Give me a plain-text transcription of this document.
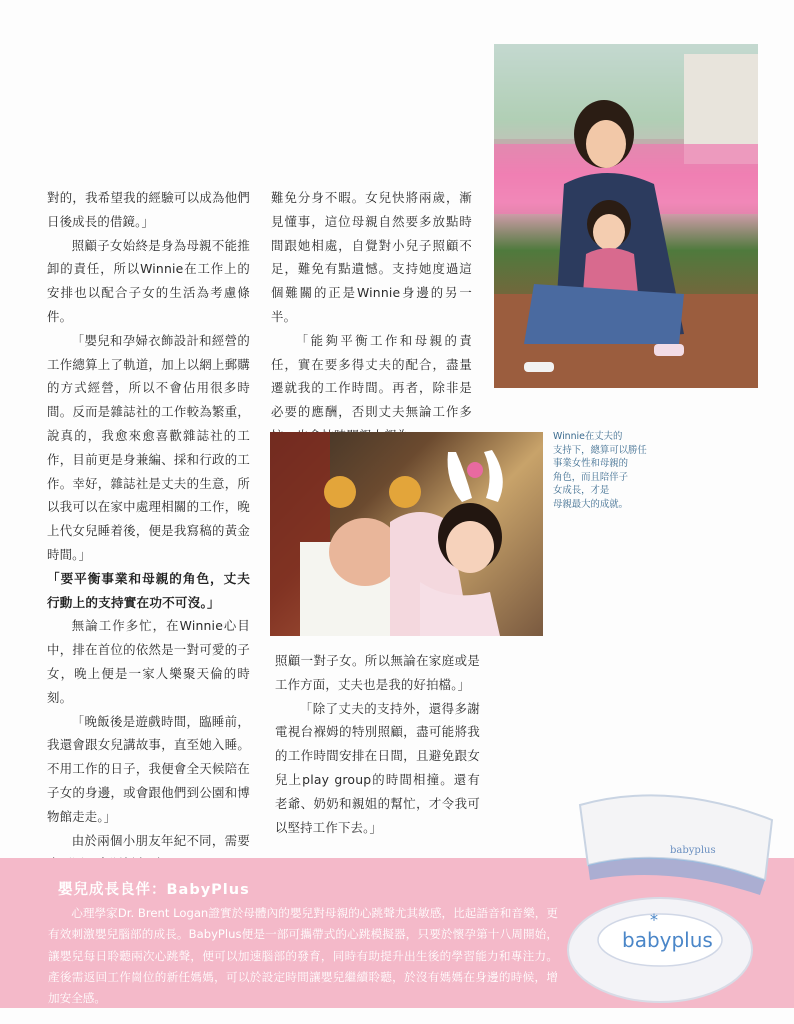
對的，我希望我的經驗可以成為他們日後成長的借鏡。」

照顧子女始終是身為母親不能推卸的責任，所以Winnie在工作上的安排也以配合子女的生活為考慮條件。

「嬰兒和孕婦衣飾設計和經營的工作總算上了軌道，加上以網上郵購的方式經營，所以不會佔用很多時間。反而是雜誌社的工作較為繁重，說真的，我愈來愈喜歡雜誌社的工作，目前更是身兼編、採和行政的工作。幸好，雜誌社是丈夫的生意，所以我可以在家中處理相關的工作，晚上代女兒睡着後，便是我寫稿的黃金時間。」

「要平衡事業和母親的角色，丈夫行動上的支持實在功不可沒。」

無論工作多忙，在Winnie心目中，排在首位的依然是一對可愛的子女，晚上便是一家人樂聚天倫的時刻。

「晚飯後是遊戲時間，臨睡前，我還會跟女兒講故事，直至她入睡。不用工作的日子，我便會全天候陪在子女的身邊，或會跟他們到公園和博物館走走。」

由於兩個小朋友年紀不同，需要

難免分身不暇。女兒快將兩歲，漸見懂事，這位母親自然要多放點時間跟她相處，自覺對小兒子照顧不足，難免有點遺憾。支持她度過這個難關的正是Winnie身邊的另一半。

「能夠平衡工作和母親的責任，實在要多得丈夫的配合，盡量遷就我的工作時間。再者，除非是必要的應酬，否則丈夫無論工作多

照顧一對子女。所以無論在家庭或是工作方面，丈夫也是我的好拍檔。」

「除了丈夫的支持外，還得多謝電視台褓姆的特別照顧，盡可能將我的工作時間安排在日間，且避免跟女兒上play group的時間相撞。還有老爺、奶奶和親姐的幫忙，才令我可以堅持工作下去。」

Winnie在丈夫的
支持下，總算可以勝任
事業女性和母親的
角色，而且陪伴子
女成長，才是
母親最大的成就。
嬰兒成長良伴：BabyPlus

心理學家Dr. Brent Logan證實於母體內的嬰兒對母親的心跳聲尤其敏感，比起語音和音樂，更有效刺激嬰兒腦部的成長。BabyPlus便是一部可攜帶式的心跳模擬器，只要於懷孕第十八周開始，讓嬰兒每日聆聽兩次心跳聲，便可以加速腦部的發育，同時有助提升出生後的學習能力和專注力。產後需返回工作崗位的新任媽媽，可以於設定時間讓嬰兒繼續聆聽，於沒有媽媽在身邊的時候，增加安全感。

babyplus
babyplus
*
